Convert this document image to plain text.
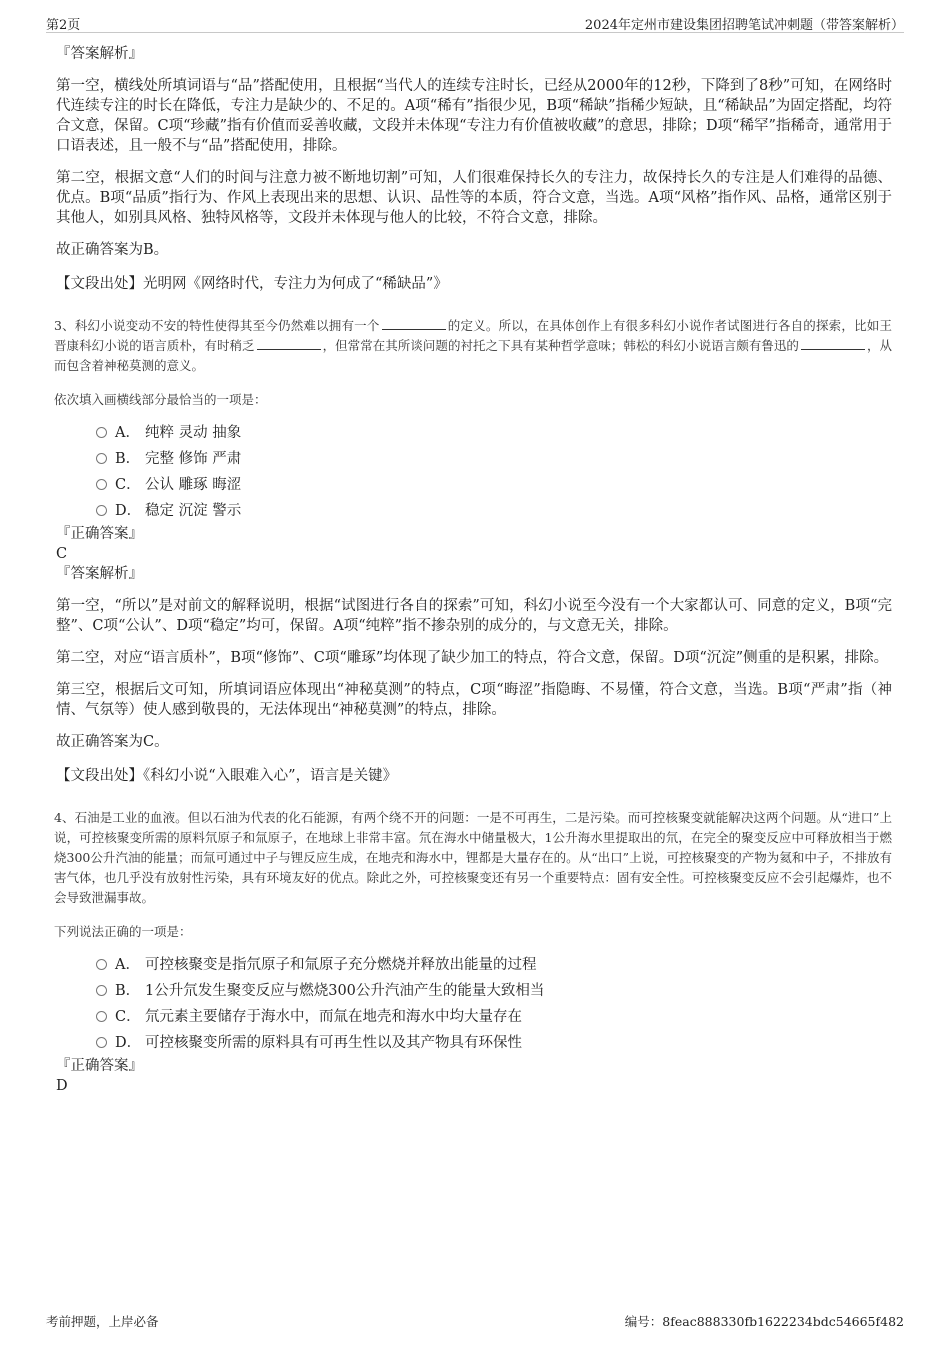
第2页	2024年定州市建设集团招聘笔试冲刺题（带答案解析）

『答案解析』

第一空，横线处所填词语与“品”搭配使用，且根据“当代人的连续专注时长，已经从2000年的12秒，下降到了8秒”可知，在网络时代连续专注的时长在降低，专注力是缺少的、不足的。A项“稀有”指很少见，B项“稀缺”指稀少短缺，且“稀缺品”为固定搭配，均符合文意，保留。C项“珍藏”指有价值而妥善收藏，文段并未体现“专注力有价值被收藏”的意思，排除；D项“稀罕”指稀奇，通常用于口语表述，且一般不与“品”搭配使用，排除。

第二空，根据文意“人们的时间与注意力被不断地切割”可知，人们很难保持长久的专注力，故保持长久的专注是人们难得的品德、优点。B项“品质”指行为、作风上表现出来的思想、认识、品性等的本质，符合文意，当选。A项“风格”指作风、品格，通常区别于其他人，如别具风格、独特风格等，文段并未体现与他人的比较，不符合文意，排除。

故正确答案为B。

【文段出处】光明网《网络时代，专注力为何成了“稀缺品”》

3、科幻小说变动不安的特性使得其至今仍然难以拥有一个	的定义。所以，在具体创作上有很多科幻小说作者试图进行各自的探索，比如王晋康科幻小说的语言质朴，有时稍乏	，但常常在其所谈问题的衬托之下具有某种哲学意味；韩松的科幻小说语言颇有鲁迅的	，从而包含着神秘莫测的意义。

依次填入画横线部分最恰当的一项是：

A． 纯粹 灵动 抽象
B． 完整 修饰 严肃
C． 公认 雕琢 晦涩
D． 稳定 沉淀 警示

『正确答案』

C

『答案解析』

第一空，“所以”是对前文的解释说明，根据“试图进行各自的探索”可知，科幻小说至今没有一个大家都认可、同意的定义，B项“完整”、C项“公认”、D项“稳定”均可，保留。A项“纯粹”指不掺杂别的成分的，与文意无关，排除。

第二空，对应“语言质朴”，B项“修饰”、C项“雕琢”均体现了缺少加工的特点，符合文意，保留。D项“沉淀”侧重的是积累，排除。

第三空，根据后文可知，所填词语应体现出“神秘莫测”的特点，C项“晦涩”指隐晦、不易懂，符合文意，当选。B项“严肃”指（神情、气氛等）使人感到敬畏的，无法体现出“神秘莫测”的特点，排除。

故正确答案为C。

【文段出处】《科幻小说“入眼难入心”，语言是关键》

4、石油是工业的血液。但以石油为代表的化石能源，有两个绕不开的问题：一是不可再生，二是污染。而可控核聚变就能解决这两个问题。从“进口”上说，可控核聚变所需的原料氘原子和氚原子，在地球上非常丰富。氘在海水中储量极大，1公升海水里提取出的氘，在完全的聚变反应中可释放相当于燃烧300公升汽油的能量；而氚可通过中子与锂反应生成，在地壳和海水中，锂都是大量存在的。从“出口”上说，可控核聚变的产物为氦和中子，不排放有害气体，也几乎没有放射性污染，具有环境友好的优点。除此之外，可控核聚变还有另一个重要特点：固有安全性。可控核聚变反应不会引起爆炸，也不会导致泄漏事故。

下列说法正确的一项是：

A． 可控核聚变是指氘原子和氚原子充分燃烧并释放出能量的过程
B． 1公升氘发生聚变反应与燃烧300公升汽油产生的能量大致相当
C． 氘元素主要储存于海水中，而氚在地壳和海水中均大量存在
D． 可控核聚变所需的原料具有可再生性以及其产物具有环保性

『正确答案』

D

考前押题，上岸必备	编号：8feac888330fb1622234bdc54665f482
